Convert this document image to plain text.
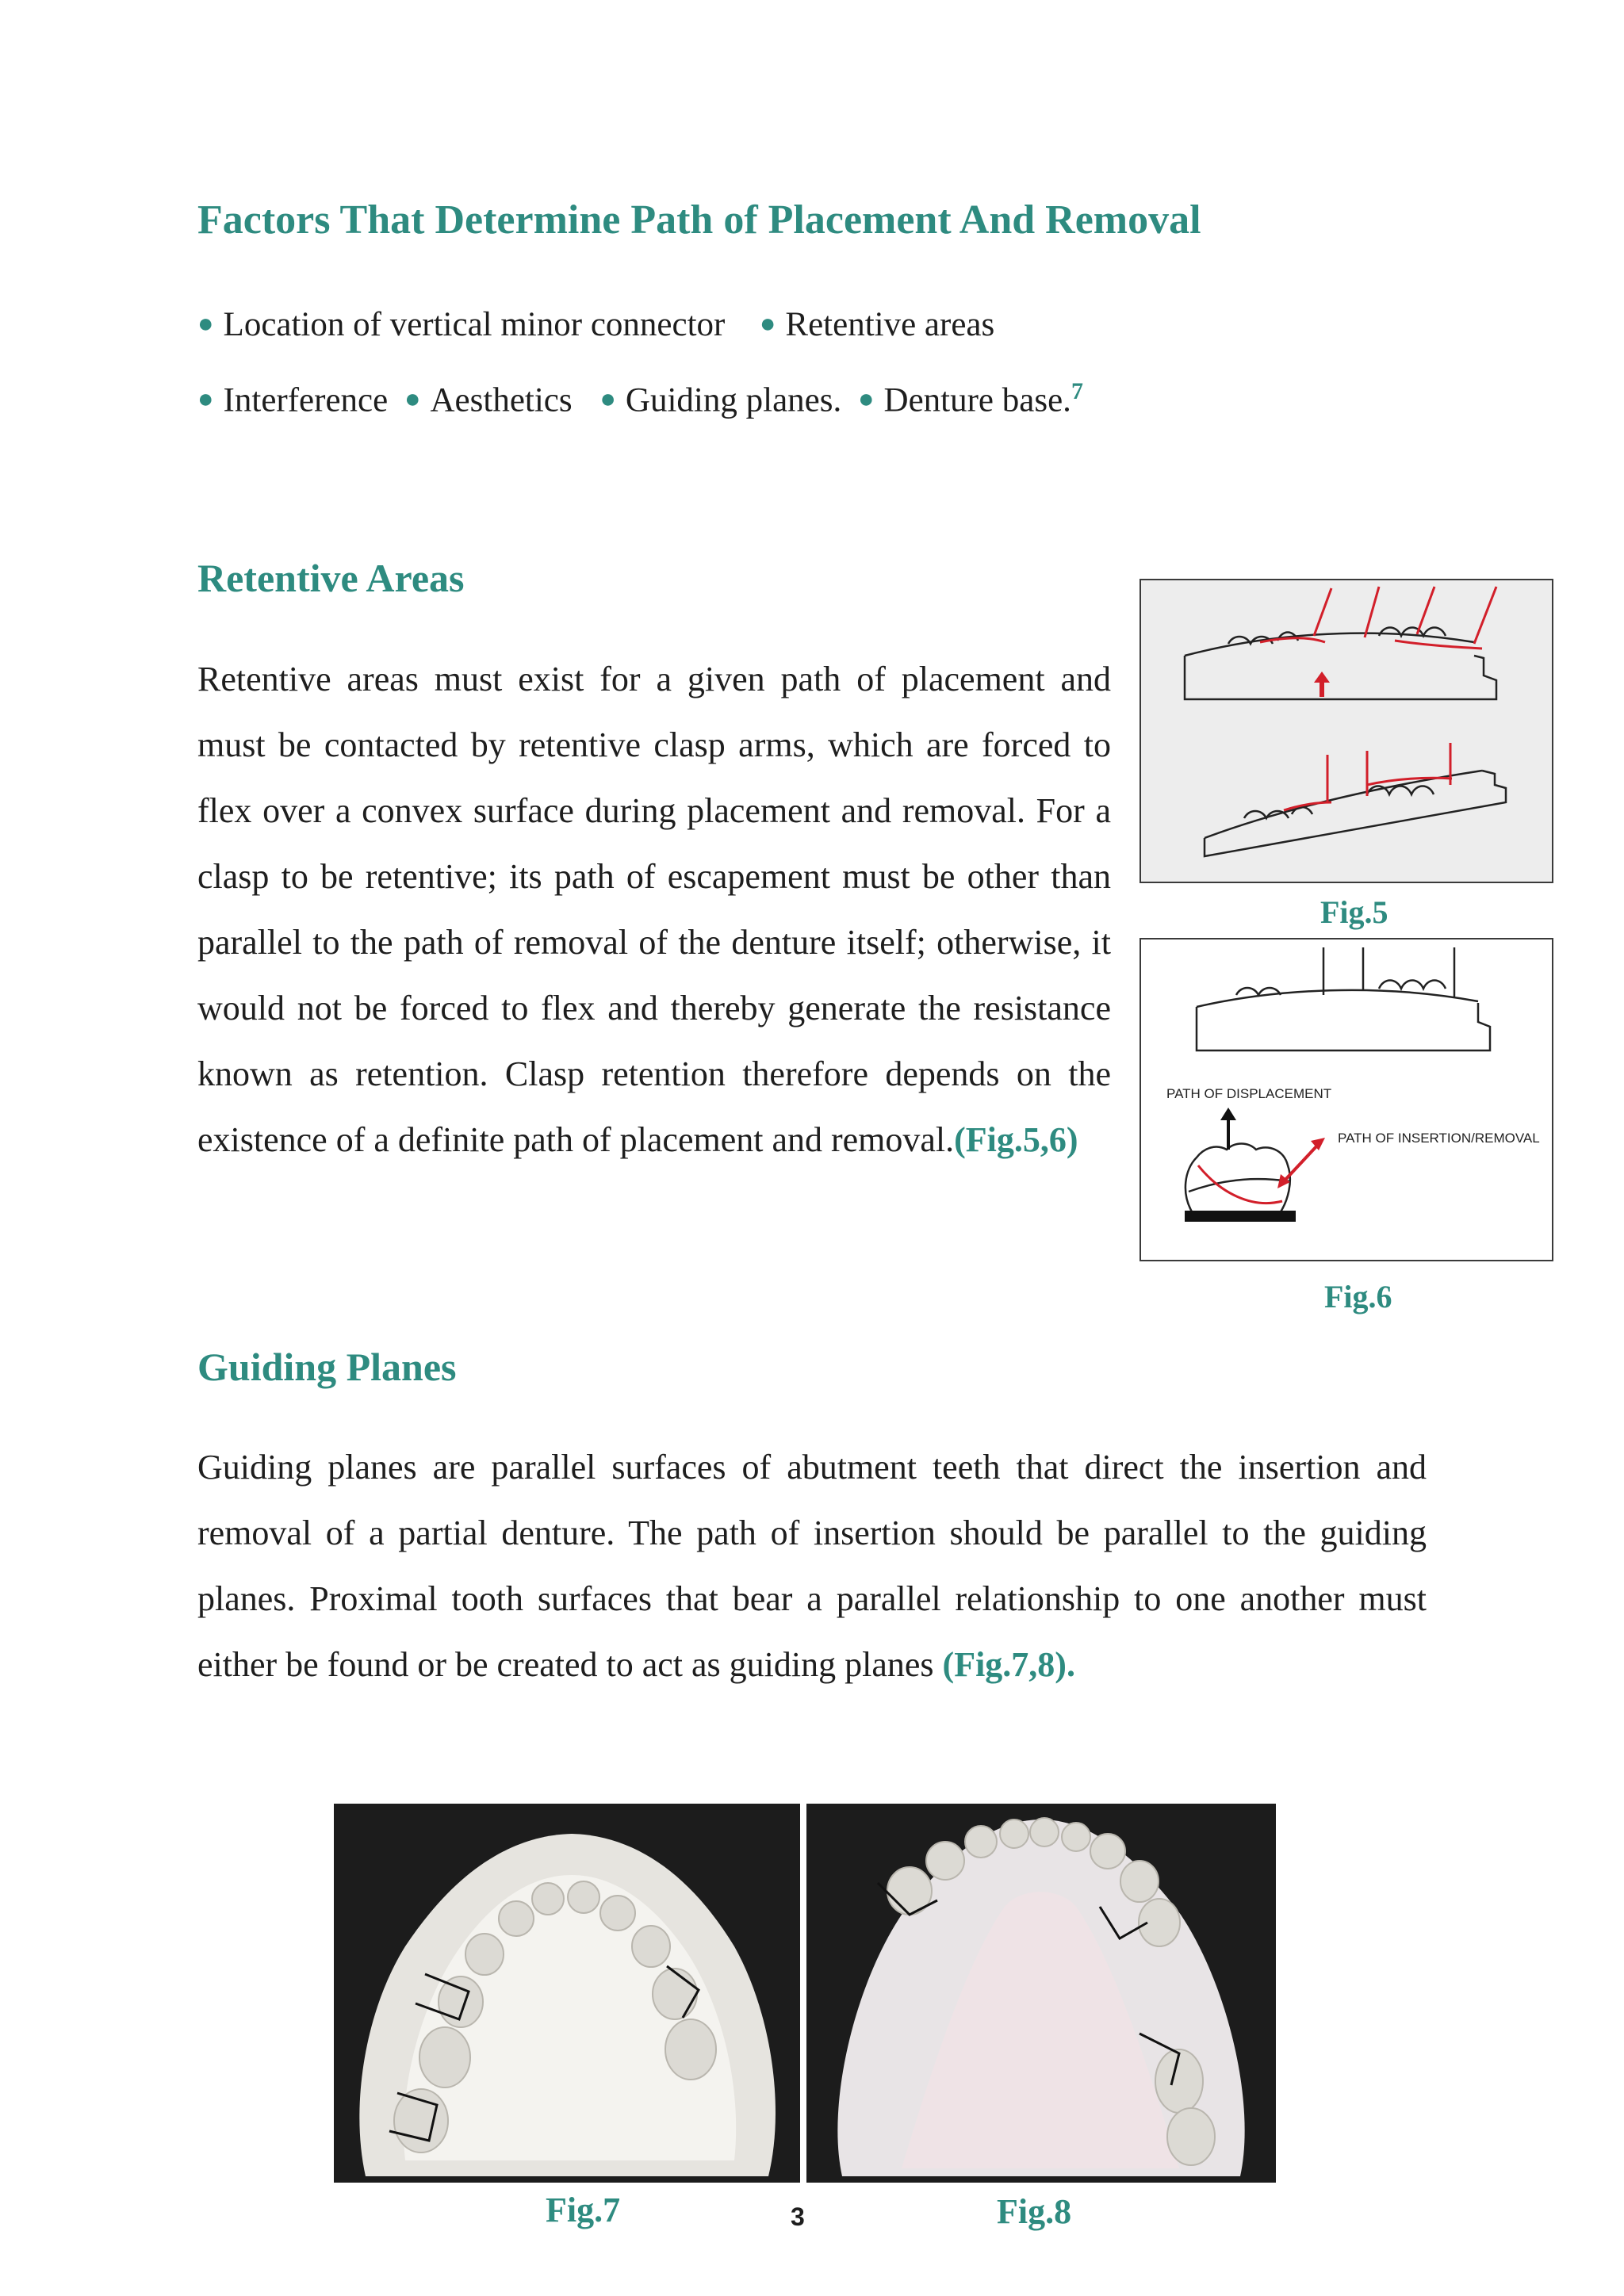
Factors That Determine Path of Placement And Removal
● Location of vertical minor connector ● Retentive areas
● Interference ● Aesthetics ● Guiding planes. ● Denture base.$^7$
Retentive Areas

Retentive areas must exist for a given path of placement and must be contacted by retentive clasp arms, which are forced to flex over a convex surface during placement and removal. For a clasp to be retentive; its path of escapement must be other than parallel to the path of removal of the denture itself; otherwise, it would not be forced to flex and thereby generate the resistance known as retention. Clasp retention therefore depends on the existence of a definite path of placement and removal.(Fig.5,6)

Fig.5
PATH OF DISPLACEMENT
PATH OF INSERTION/REMOVAL
Fig.6
Guiding Planes

Guiding planes are parallel surfaces of abutment teeth that direct the insertion and removal of a partial denture. The path of insertion should be parallel to the guiding planes. Proximal tooth surfaces that bear a parallel relationship to one another must either be found or be created to act as guiding planes (Fig.7,8).

Fig.7	3	Fig.8
